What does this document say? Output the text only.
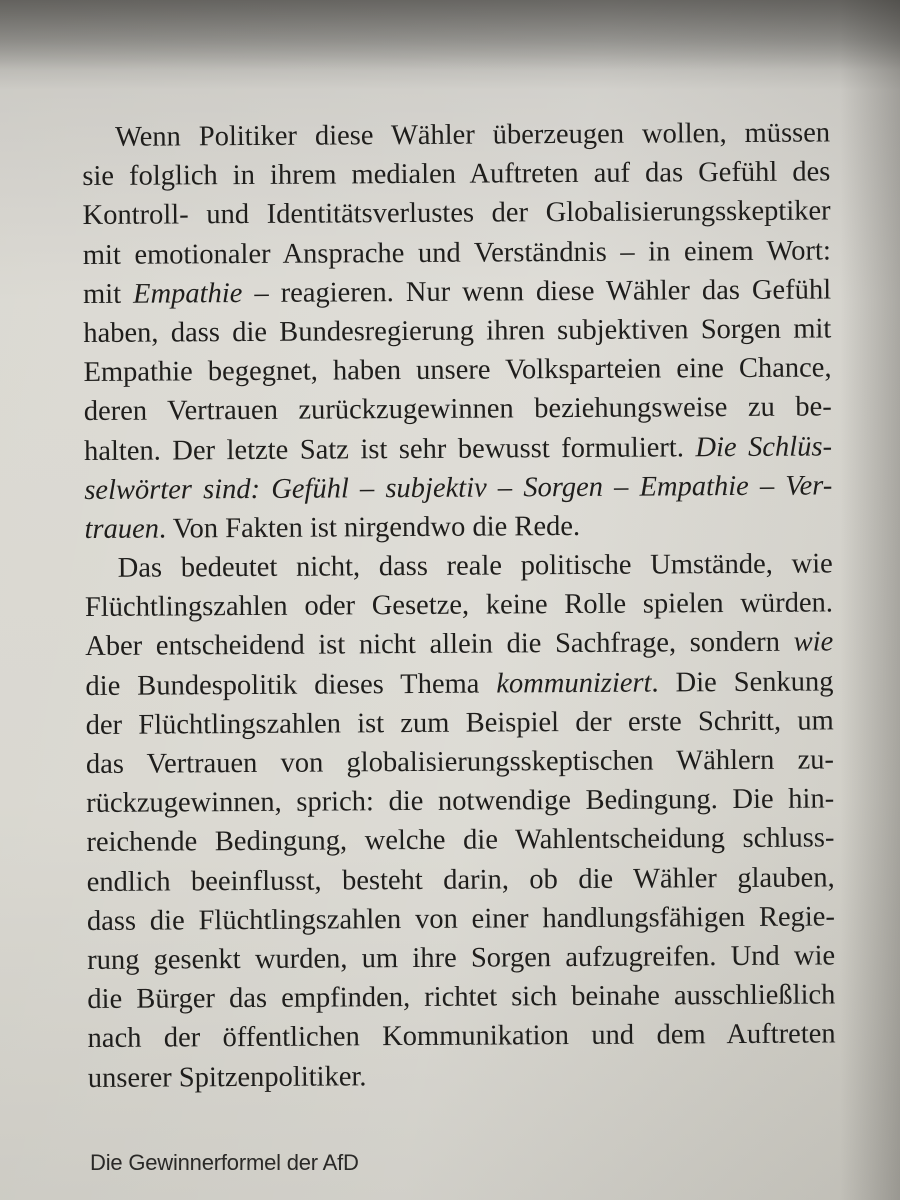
Wenn Politiker diese Wähler überzeugen wollen, müssen
sie folglich in ihrem medialen Auftreten auf das Gefühl des
Kontroll- und Identitätsverlustes der Globalisierungsskeptiker
mit emotionaler Ansprache und Verständnis – in einem Wort:
mit Empathie – reagieren. Nur wenn diese Wähler das Gefühl
haben, dass die Bundesregierung ihren subjektiven Sorgen mit
Empathie begegnet, haben unsere Volksparteien eine Chance,
deren Vertrauen zurückzugewinnen beziehungsweise zu be-
halten. Der letzte Satz ist sehr bewusst formuliert. Die Schlüs-
selwörter sind: Gefühl – subjektiv – Sorgen – Empathie – Ver-
trauen. Von Fakten ist nirgendwo die Rede.
Das bedeutet nicht, dass reale politische Umstände, wie
Flüchtlingszahlen oder Gesetze, keine Rolle spielen würden.
Aber entscheidend ist nicht allein die Sachfrage, sondern wie
die Bundespolitik dieses Thema kommuniziert. Die Senkung
der Flüchtlingszahlen ist zum Beispiel der erste Schritt, um
das Vertrauen von globalisierungsskeptischen Wählern zu-
rückzugewinnen, sprich: die notwendige Bedingung. Die hin-
reichende Bedingung, welche die Wahlentscheidung schluss-
endlich beeinflusst, besteht darin, ob die Wähler glauben,
dass die Flüchtlingszahlen von einer handlungsfähigen Regie-
rung gesenkt wurden, um ihre Sorgen aufzugreifen. Und wie
die Bürger das empfinden, richtet sich beinahe ausschließlich
nach der öffentlichen Kommunikation und dem Auftreten
unserer Spitzenpolitiker.
Die Gewinnerformel der AfD
